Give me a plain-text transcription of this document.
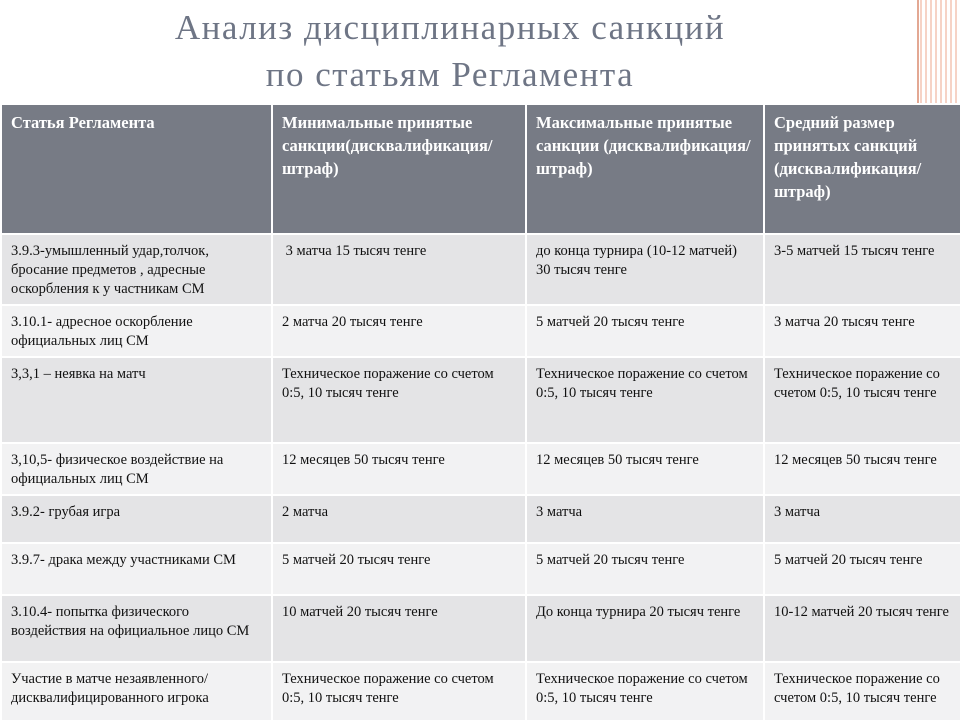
Анализ дисциплинарных санкций
по статьям Регламента
Статья Регламента	Минимальные принятые санкции(дисквалификация/штраф)	Максимальные принятые санкции (дисквалификация/штраф)	Средний размер принятых санкций (дисквалификация/штраф)
3.9.3-умышленный удар,толчок, бросание предметов , адресные оскорбления к у частникам СМ	3 матча 15 тысяч тенге	до конца турнира (10-12 матчей) 30 тысяч тенге	3-5 матчей 15 тысяч тенге
3.10.1- адресное оскорбление официальных лиц СМ	2 матча 20 тысяч тенге	5 матчей 20 тысяч тенге	3 матча 20 тысяч тенге
3,3,1 – неявка на матч	Техническое поражение со счетом 0:5, 10 тысяч тенге	Техническое поражение со счетом 0:5, 10 тысяч тенге	Техническое поражение со счетом 0:5, 10 тысяч тенге
3,10,5- физическое воздействие на официальных лиц СМ	12 месяцев 50 тысяч тенге	12 месяцев 50 тысяч тенге	12 месяцев 50 тысяч тенге
3.9.2- грубая игра	2 матча	3 матча	3 матча
3.9.7- драка между участниками СМ	5 матчей 20 тысяч тенге	5 матчей 20 тысяч тенге	5 матчей 20 тысяч тенге
3.10.4- попытка физического воздействия на официальное лицо СМ	10 матчей 20 тысяч тенге	До конца турнира 20 тысяч тенге	10-12 матчей 20 тысяч тенге
Участие в матче незаявленного/ дисквалифицированного игрока	Техническое поражение со счетом 0:5, 10 тысяч тенге	Техническое поражение со счетом 0:5, 10 тысяч тенге	Техническое поражение со счетом 0:5, 10 тысяч тенге
